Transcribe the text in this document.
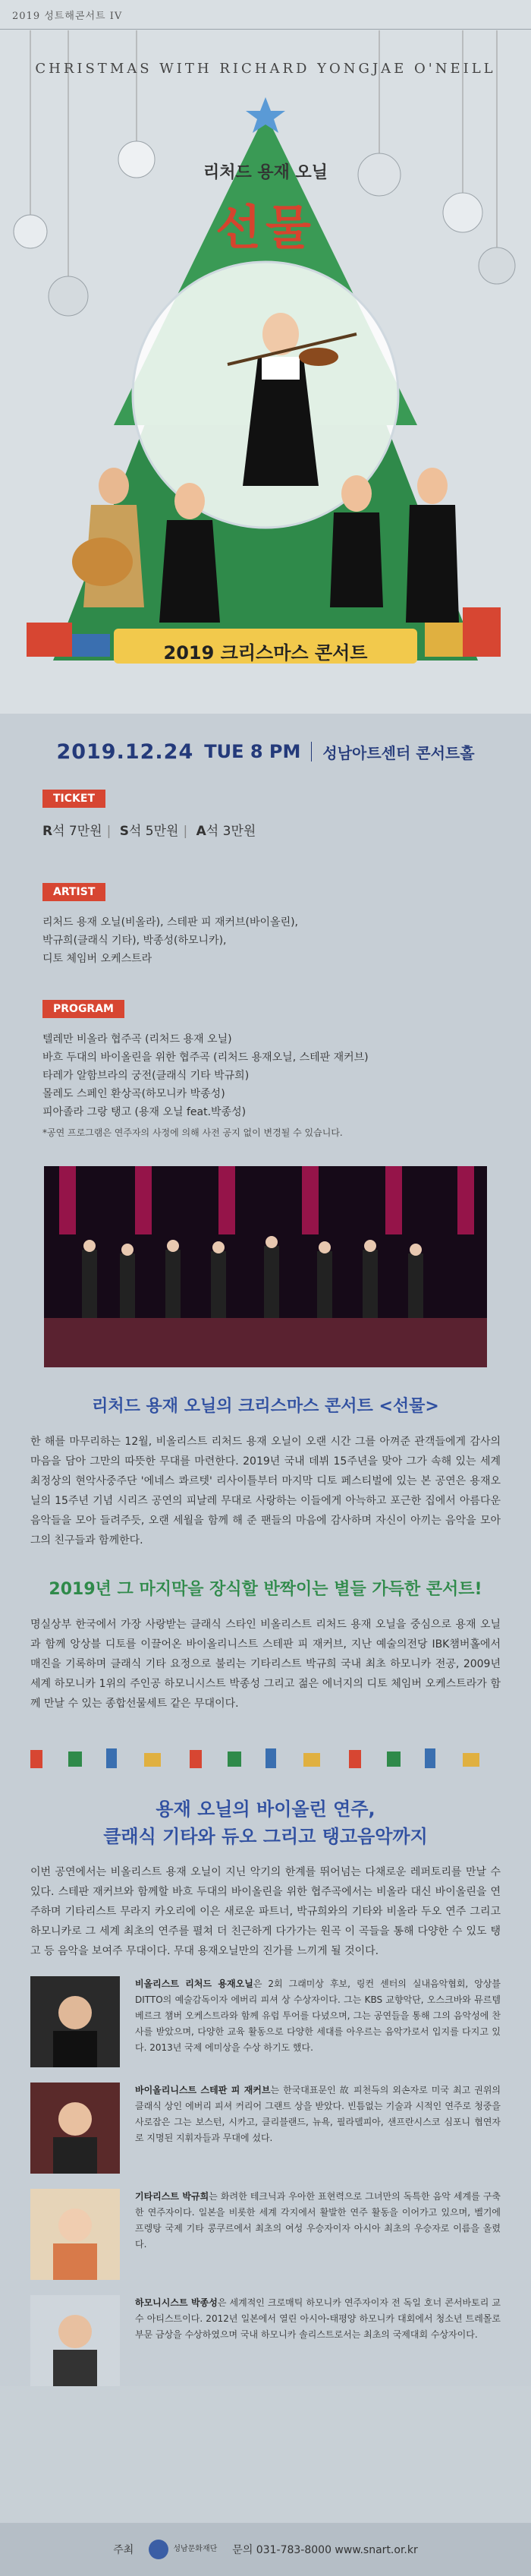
2019 성트해콘서트 IV
CHRISTMAS WITH RICHARD YONGJAE O'NEILL
리처드 용재 오닐
선물
2019 크리스마스 콘서트
2019.12.24 TUE 8 PM 성남아트센터 콘서트홀
TICKET
R석 7만원 | S석 5만원 | A석 3만원
ARTIST
리처드 용재 오닐(비올라), 스테판 피 재커브(바이올린),
박규희(클래식 기타), 박종성(하모니카),
디토 체임버 오케스트라
PROGRAM
텔레만 비올라 협주곡 (리처드 용재 오닐)
바흐 두대의 바이올린을 위한 협주곡 (리처드 용재오닐, 스테판 재커브)
타레가 알함브라의 궁전(클래식 기타 박규희)
몰레도 스페인 환상곡(하모니카 박종성)
피아졸라 그랑 탱고 (용재 오닐 feat.박종성)
*공연 프로그램은 연주자의 사정에 의해 사전 공지 없이 변경될 수 있습니다.
리처드 용재 오닐의 크리스마스 콘서트 <선물>
한 해를 마무리하는 12월, 비올리스트 리처드 용재 오닐이 오랜 시간 그를 아껴준 관객들에게 감사의 마음을 담아 그만의 따뜻한 무대를 마련한다. 2019년 국내 데뷔 15주년을 맞아 그가 속해 있는 세계 최정상의 현악사중주단 '에네스 콰르텟' 리사이틀부터 마지막 디토 페스티벌에 있는 본 공연은 용재오닐의 15주년 기념 시리즈 공연의 피날레 무대로 사랑하는 이들에게 아늑하고 포근한 집에서 아름다운 음악들을 모아 들려주듯, 오랜 세월을 함께 해 준 팬들의 마음에 감사하며 자신이 아끼는 음악을 모아 그의 친구들과 함께한다.
2019년 그 마지막을 장식할 반짝이는 별들 가득한 콘서트!
명실상부 한국에서 가장 사랑받는 클래식 스타인 비올리스트 리처드 용재 오닐을 중심으로 용재 오닐과 함께 앙상블 디토를 이끌어온 바이올리니스트 스테판 피 재커브, 지난 예술의전당 IBK챔버홀에서 매진을 기록하며 클래식 기타 요정으로 불리는 기타리스트 박규희 국내 최초 하모니카 전공, 2009년 세계 하모니카 1위의 주인공 하모니시스트 박종성 그리고 젊은 에너지의 디토 체임버 오케스트라가 함께 만날 수 있는 종합선물세트 같은 무대이다.
용재 오닐의 바이올린 연주,
클래식 기타와 듀오 그리고 탱고음악까지
이번 공연에서는 비올리스트 용재 오닐이 지닌 악기의 한계를 뛰어넘는 다채로운 레퍼토리를 만날 수 있다. 스테판 재커브와 함께할 바흐 두대의 바이올린을 위한 협주곡에서는 비올라 대신 바이올린을 연주하며 기타리스트 무라지 카오리에 이은 새로운 파트너, 박규희와의 기타와 비올라 두오 연주 그리고 하모니카로 그 세계 최초의 연주를 펼쳐 더 친근하게 다가가는 원곡 이 곡들을 통해 다양한 수 있도 탱고 등 음악을 보여주 무대이다. 무대 용재오닐만의 진가를 느끼게 될 것이다.
비올리스트 리처드 용재오닐은 2회 그래미상 후보, 링컨 센터의 실내음악협회, 앙상블 DITTO의 예술감독이자 에버리 피셔 상 수상자이다. 그는 KBS 교향악단, 오스크바와 뮤르템베르크 챔버 오케스트라와 함께 유럽 투어를 다녔으며, 그는 공연들을 통해 그의 음악성에 찬사를 받았으며, 다양한 교육 활동으로 다양한 세대를 아우르는 음악가로서 입지를 다지고 있다. 2013년 국제 에미상을 수상 하기도 했다.
바이올리니스트 스테판 피 재커브는 한국대표문인 故 피천득의 외손자로 미국 최고 권위의 클래식 상인 에버리 피셔 커리어 그랜트 상을 받았다. 빈틈없는 기술과 시적인 연주로 청중을 사로잡은 그는 보스턴, 시카고, 클리블랜드, 뉴욕, 필라델피아, 샌프란시스코 심포니 협연자로 지명된 지휘자들과 무대에 섰다.
기타리스트 박규희는 화려한 테크닉과 우아한 표현력으로 그녀만의 독특한 음악 세계를 구축한 연주자이다. 일본을 비롯한 세계 각지에서 활발한 연주 활동을 이어가고 있으며, 벨기에 프렝탕 국제 기타 콩쿠르에서 최초의 여성 우승자이자 아시아 최초의 우승자로 이름을 올렸다.
하모니시스트 박종성은 세계적인 크로매틱 하모니카 연주자이자 전 독일 호너 콘서바토리 교수 아티스트이다. 2012년 일본에서 열린 아시아-태평양 하모니카 대회에서 청소년 트레몰로 부문 금상을 수상하였으며 국내 하모니카 솔리스트로서는 최초의 국제대회 수상자이다.
주최	성남문화재단 문의 031-783-8000 www.snart.or.kr
